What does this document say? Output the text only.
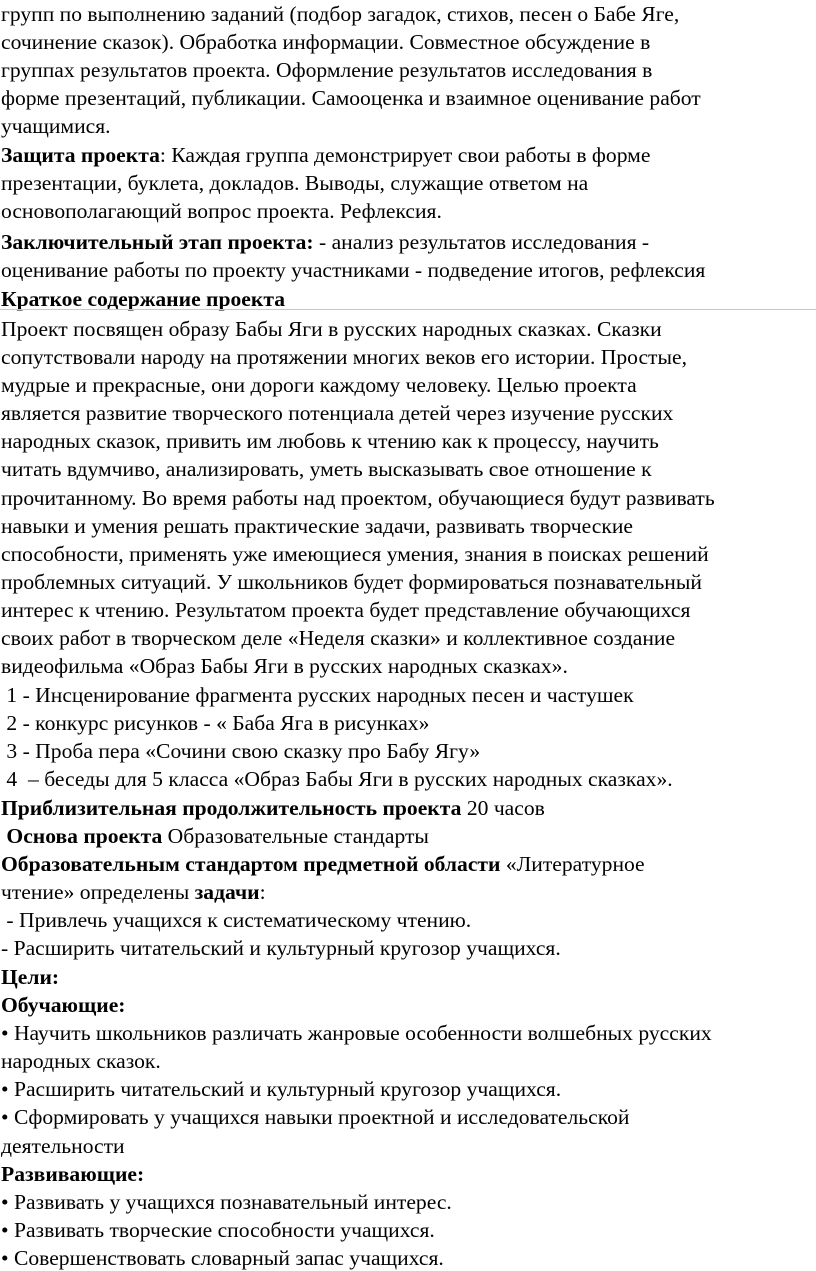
групп по выполнению заданий (подбор загадок, стихов, песен о Бабе Яге,
сочинение сказок). Обработка информации. Совместное обсуждение в
группах результатов проекта. Оформление результатов исследования в
форме презентаций, публикации. Самооценка и взаимное оценивание работ
учащимися.
Защита проекта: Каждая группа демонстрирует свои работы в форме
презентации, буклета, докладов. Выводы, служащие ответом на
основополагающий вопрос проекта. Рефлексия.
Заключительный этап проекта: - анализ результатов исследования -
оценивание работы по проекту участниками - подведение итогов, рефлексия
Краткое содержание проекта
Проект посвящен образу Бабы Яги в русских народных сказках. Сказки
сопутствовали народу на протяжении многих веков его истории. Простые,
мудрые и прекрасные, они дороги каждому человеку. Целью проекта
является развитие творческого потенциала детей через изучение русских
народных сказок, привить им любовь к чтению как к процессу, научить
читать вдумчиво, анализировать, уметь высказывать свое отношение к
прочитанному. Во время работы над проектом, обучающиеся будут развивать
навыки и умения решать практические задачи, развивать творческие
способности, применять уже имеющиеся умения, знания в поисках решений
проблемных ситуаций. У школьников будет формироваться познавательный
интерес к чтению. Результатом проекта будет представление обучающихся
своих работ в творческом деле «Неделя сказки» и коллективное создание
видеофильма «Образ Бабы Яги в русских народных сказках».
1 - Инсценирование фрагмента русских народных песен и частушек
2 - конкурс рисунков - « Баба Яга в рисунках»
3 - Проба пера «Сочини свою сказку про Бабу Ягу»
4  – беседы для 5 класса «Образ Бабы Яги в русских народных сказках».
Приблизительная продолжительность проекта 20 часов
Основа проекта Образовательные стандарты
Образовательным стандартом предметной области «Литературное
чтение» определены задачи:
- Привлечь учащихся к систематическому чтению.
- Расширить читательский и культурный кругозор учащихся.
Цели:
Обучающие:
• Научить школьников различать жанровые особенности волшебных русских
народных сказок.
• Расширить читательский и культурный кругозор учащихся.
• Сформировать у учащихся навыки проектной и исследовательской
деятельности
Развивающие:
• Развивать у учащихся познавательный интерес.
• Развивать творческие способности учащихся.
• Совершенствовать словарный запас учащихся.
